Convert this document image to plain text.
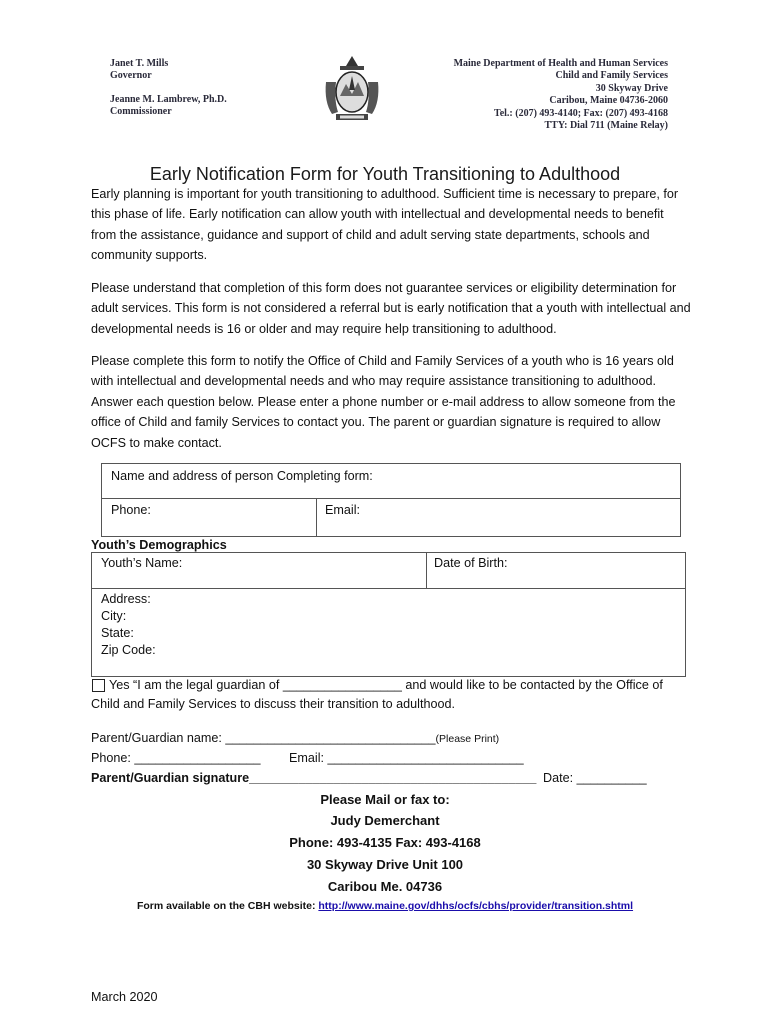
Janet T. Mills
Governor
Jeanne M. Lambrew, Ph.D.
Commissioner
Maine Department of Health and Human Services
Child and Family Services
30 Skyway Drive
Caribou, Maine 04736-2060
Tel.: (207) 493-4140; Fax: (207) 493-4168
TTY: Dial 711 (Maine Relay)
Early Notification Form for Youth Transitioning to Adulthood
Early planning is important for youth transitioning to adulthood. Sufficient time is necessary to prepare, for this phase of life. Early notification can allow youth with intellectual and developmental needs to benefit from the assistance, guidance and support of child and adult serving state departments, schools and community supports.
Please understand that completion of this form does not guarantee services or eligibility determination for adult services. This form is not considered a referral but is early notification that a youth with intellectual and developmental needs is 16 or older and may require help transitioning to adulthood.
Please complete this form to notify the Office of Child and Family Services of a youth who is 16 years old with intellectual and developmental needs and who may require assistance transitioning to adulthood. Answer each question below. Please enter a phone number or e-mail address to allow someone from the office of Child and family Services to contact you. The parent or guardian signature is required to allow OCFS to make contact.
Name and address of person Completing form:
Phone:	Email:
Youth’s Demographics
Youth’s Name:	Date of Birth:
Address:
City:
State:
Zip Code:
Yes “I am the legal guardian of _________________ and would like to be contacted by the Office of
Child and Family Services to discuss their transition to adulthood.
Parent/Guardian name: ______________________________(Please Print)
Phone: __________________ Email: ____________________________
Parent/Guardian signature_________________________________________ Date: __________
Please Mail or fax to:
Judy Demerchant
Phone: 493-4135 Fax: 493-4168
30 Skyway Drive Unit 100
Caribou Me. 04736
Form available on the CBH website: http://www.maine.gov/dhhs/ocfs/cbhs/provider/transition.shtml
March 2020
